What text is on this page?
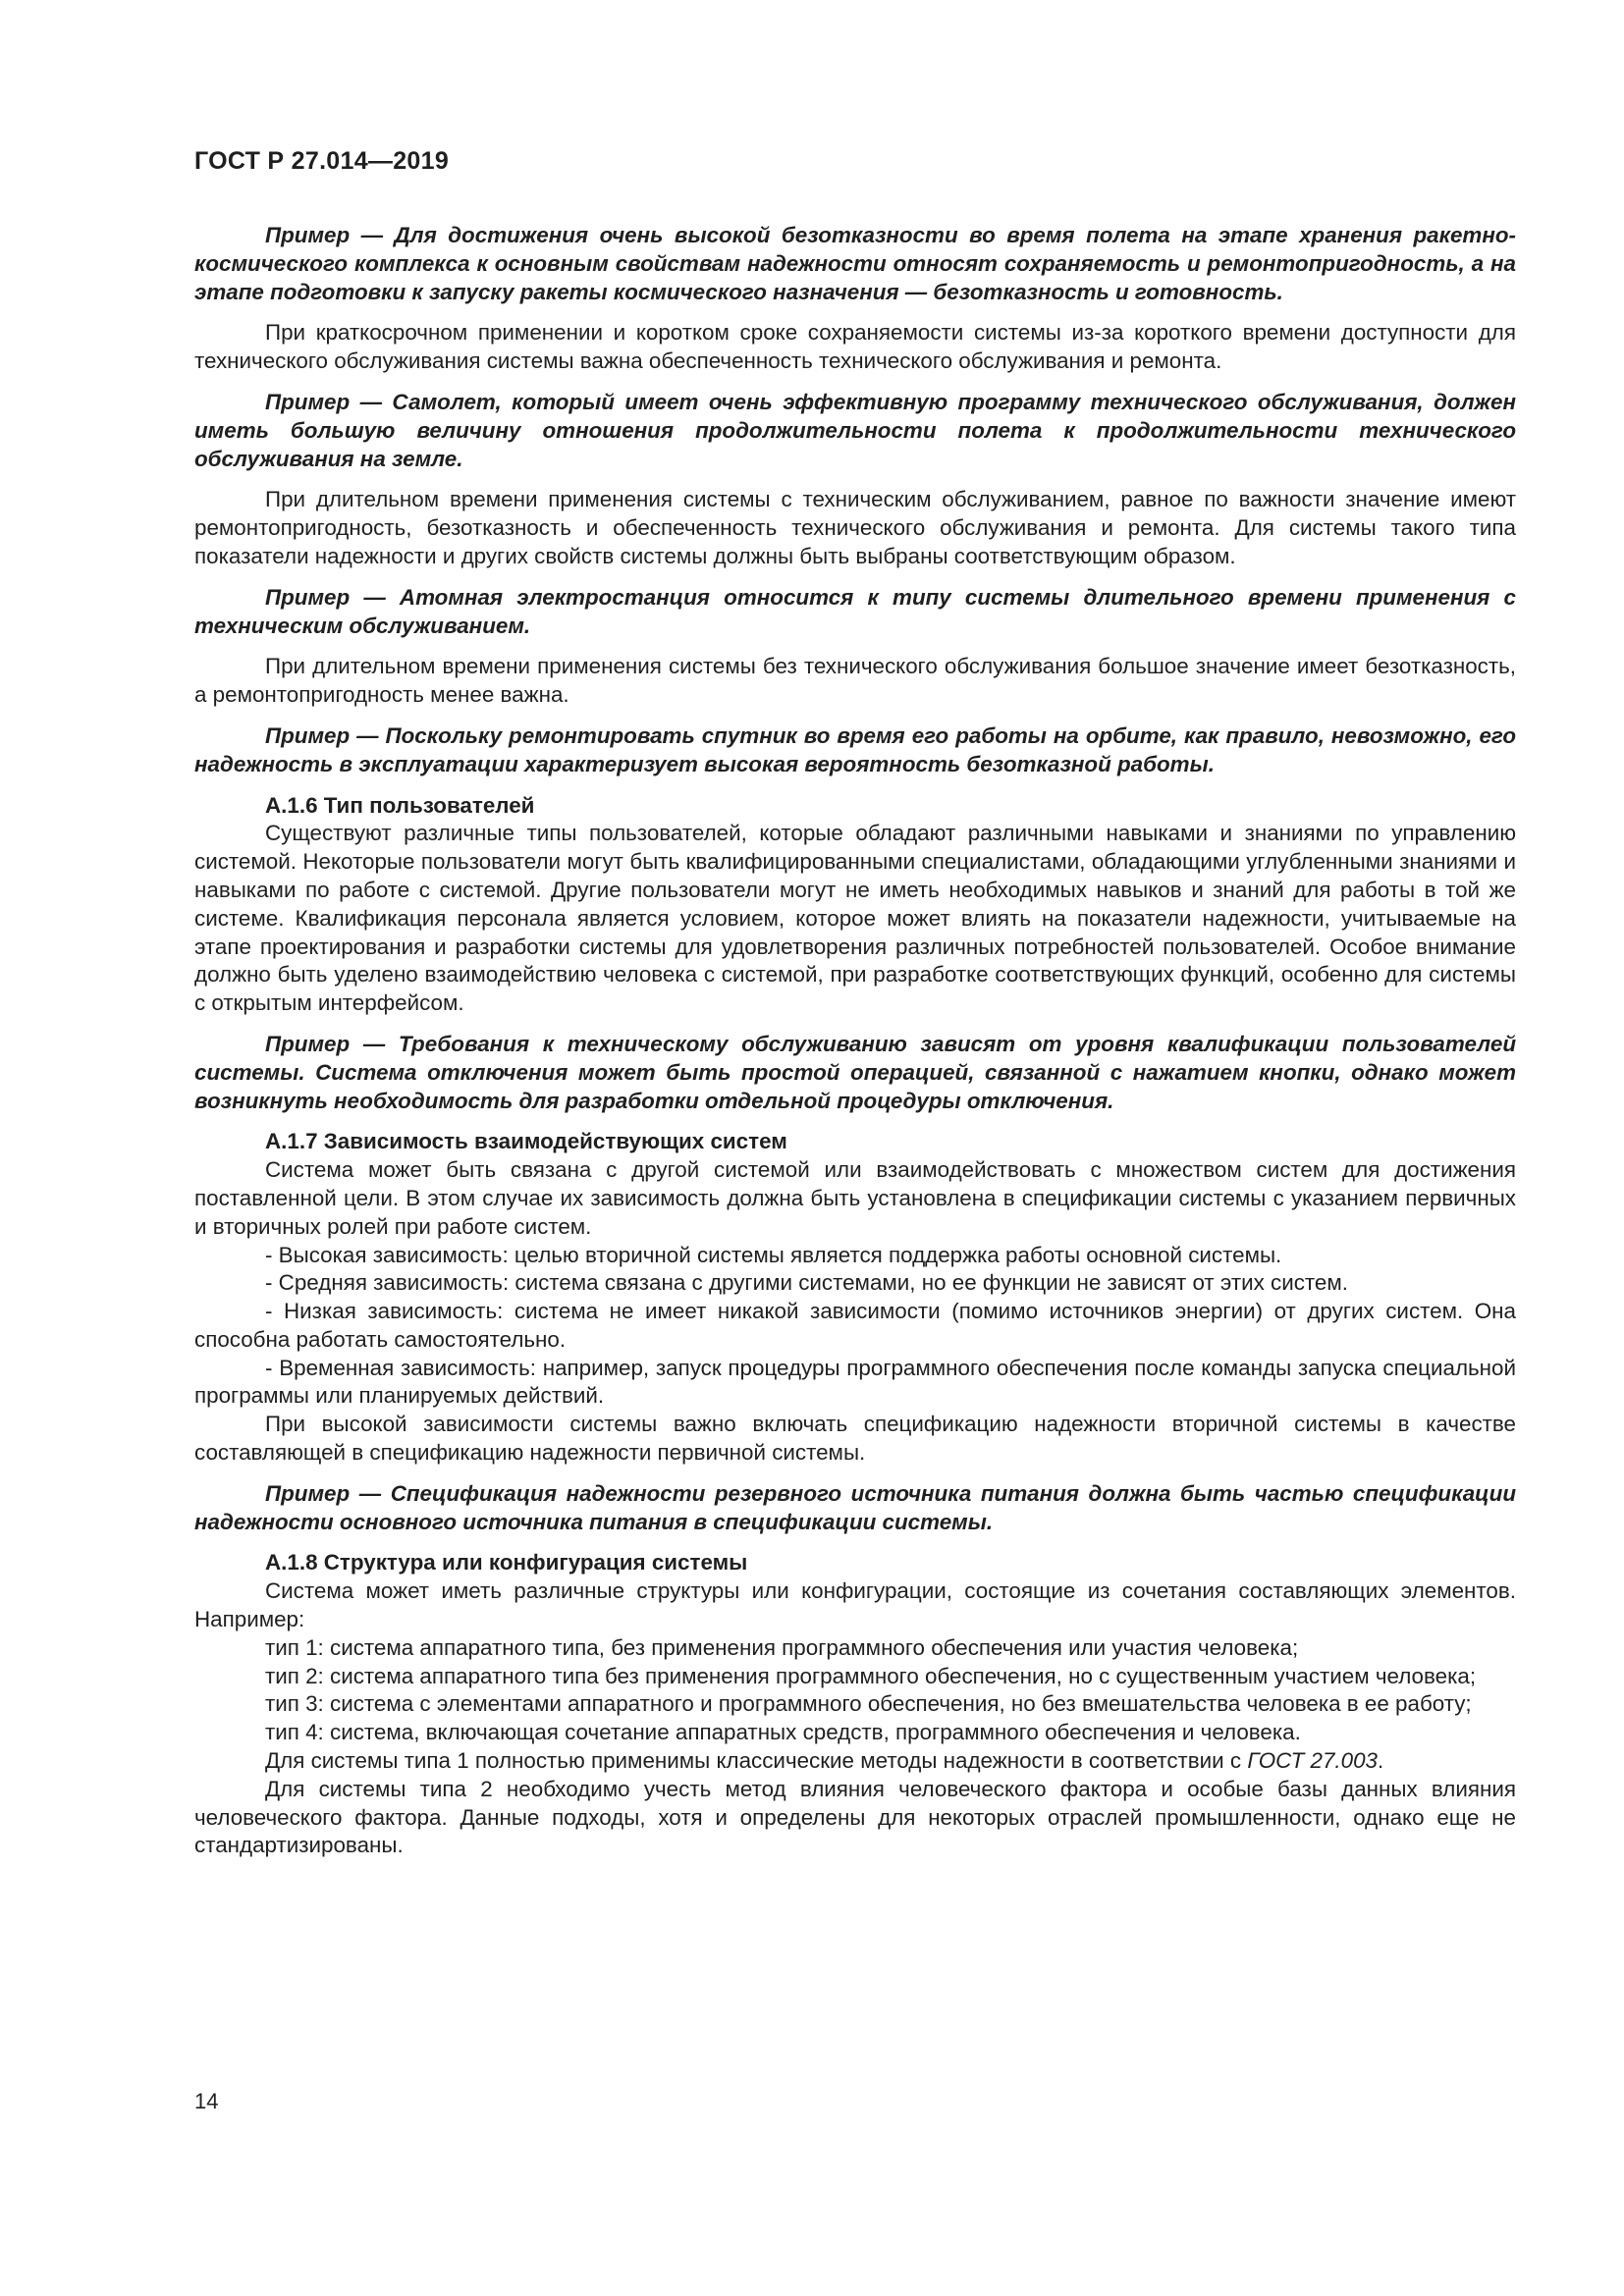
ГОСТ Р 27.014—2019

Пример — Для достижения очень высокой безотказности во время полета на этапе хранения ракетно-космического комплекса к основным свойствам надежности относят сохраняемость и ремонтопригодность, а на этапе подготовки к запуску ракеты космического назначения — безотказность и готовность.

При краткосрочном применении и коротком сроке сохраняемости системы из-за короткого времени доступности для технического обслуживания системы важна обеспеченность технического обслуживания и ремонта.

Пример — Самолет, который имеет очень эффективную программу технического обслуживания, должен иметь большую величину отношения продолжительности полета к продолжительности технического обслуживания на земле.

При длительном времени применения системы с техническим обслуживанием, равное по важности значение имеют ремонтопригодность, безотказность и обеспеченность технического обслуживания и ремонта. Для системы такого типа показатели надежности и других свойств системы должны быть выбраны соответствующим образом.

Пример — Атомная электростанция относится к типу системы длительного времени применения с техническим обслуживанием.

При длительном времени применения системы без технического обслуживания большое значение имеет безотказность, а ремонтопригодность менее важна.

Пример — Поскольку ремонтировать спутник во время его работы на орбите, как правило, невозможно, его надежность в эксплуатации характеризует высокая вероятность безотказной работы.

А.1.6 Тип пользователей

Существуют различные типы пользователей, которые обладают различными навыками и знаниями по управлению системой. Некоторые пользователи могут быть квалифицированными специалистами, обладающими углубленными знаниями и навыками по работе с системой. Другие пользователи могут не иметь необходимых навыков и знаний для работы в той же системе. Квалификация персонала является условием, которое может влиять на показатели надежности, учитываемые на этапе проектирования и разработки системы для удовлетворения различных потребностей пользователей. Особое внимание должно быть уделено взаимодействию человека с системой, при разработке соответствующих функций, особенно для системы с открытым интерфейсом.

Пример — Требования к техническому обслуживанию зависят от уровня квалификации пользователей системы. Система отключения может быть простой операцией, связанной с нажатием кнопки, однако может возникнуть необходимость для разработки отдельной процедуры отключения.

А.1.7 Зависимость взаимодействующих систем

Система может быть связана с другой системой или взаимодействовать с множеством систем для достижения поставленной цели. В этом случае их зависимость должна быть установлена в спецификации системы с указанием первичных и вторичных ролей при работе систем.

- Высокая зависимость: целью вторичной системы является поддержка работы основной системы.

- Средняя зависимость: система связана с другими системами, но ее функции не зависят от этих систем.

- Низкая зависимость: система не имеет никакой зависимости (помимо источников энергии) от других систем. Она способна работать самостоятельно.

- Временная зависимость: например, запуск процедуры программного обеспечения после команды запуска специальной программы или планируемых действий.

При высокой зависимости системы важно включать спецификацию надежности вторичной системы в качестве составляющей в спецификацию надежности первичной системы.

Пример — Спецификация надежности резервного источника питания должна быть частью спецификации надежности основного источника питания в спецификации системы.

А.1.8 Структура или конфигурация системы

Система может иметь различные структуры или конфигурации, состоящие из сочетания составляющих элементов. Например:

тип 1: система аппаратного типа, без применения программного обеспечения или участия человека;

тип 2: система аппаратного типа без применения программного обеспечения, но с существенным участием человека;

тип 3: система с элементами аппаратного и программного обеспечения, но без вмешательства человека в ее работу;

тип 4: система, включающая сочетание аппаратных средств, программного обеспечения и человека.

Для системы типа 1 полностью применимы классические методы надежности в соответствии с ГОСТ 27.003.

Для системы типа 2 необходимо учесть метод влияния человеческого фактора и особые базы данных влияния человеческого фактора. Данные подходы, хотя и определены для некоторых отраслей промышленности, однако еще не стандартизированы.

14
